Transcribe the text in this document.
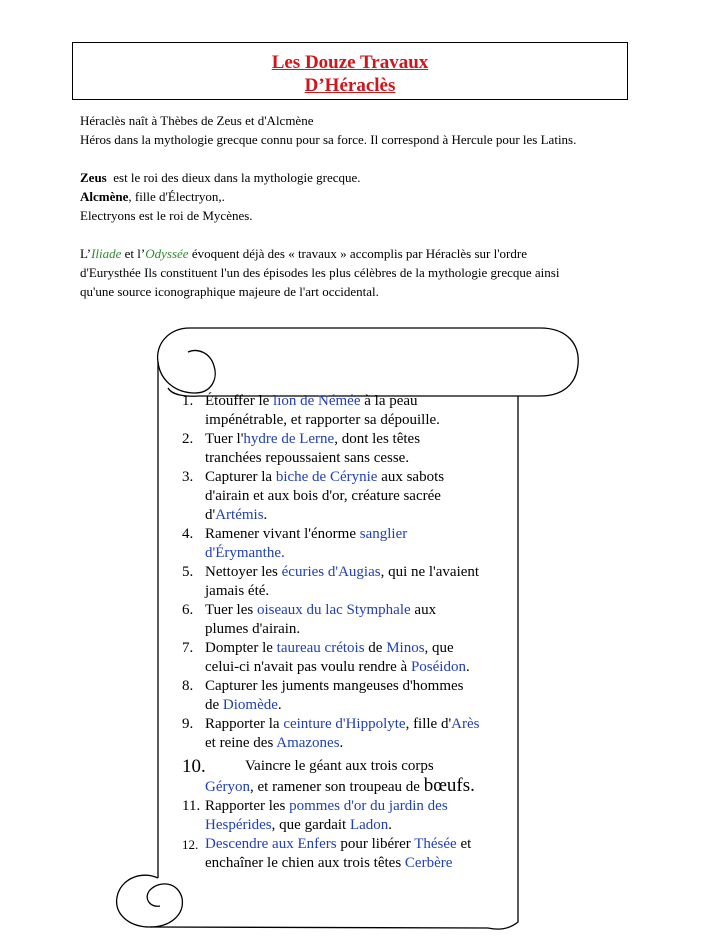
Les Douze Travaux
D’Héraclès

Héraclès naît à Thèbes de Zeus et d'Alcmène

Héros dans la mythologie grecque connu pour sa force. Il correspond à Hercule pour les Latins.

Zeus  est le roi des dieux dans la mythologie grecque.

Alcmène, fille d'Électryon,.

Electryons est le roi de Mycènes.

L’Iliade et l’Odyssée évoquent déjà des « travaux » accomplis par Héraclès sur l'ordre

d'Eurysthée Ils constituent l'un des épisodes les plus célèbres de la mythologie grecque ainsi

qu'une source iconographique majeure de l'art occidental.

1. Étouffer le lion de Némée à la peau
impénétrable, et rapporter sa dépouille.
2. Tuer l'hydre de Lerne, dont les têtes
tranchées repoussaient sans cesse.
3. Capturer la biche de Cérynie aux sabots
d'airain et aux bois d'or, créature sacrée
d'Artémis.
4. Ramener vivant l'énorme sanglier
d'Érymanthe.
5. Nettoyer les écuries d'Augias, qui ne l'avaient
jamais été.
6. Tuer les oiseaux du lac Stymphale aux
plumes d'airain.
7. Dompter le taureau crétois de Minos, que
celui-ci n'avait pas voulu rendre à Poséidon.
8. Capturer les juments mangeuses d'hommes
de Diomède.
9. Rapporter la ceinture d'Hippolyte, fille d'Arès
et reine des Amazones.
10.	Vaincre le géant aux trois corps
Géryon, et ramener son troupeau de bœufs.
11. Rapporter les pommes d'or du jardin des
Hespérides, que gardait Ladon.
12. Descendre aux Enfers pour libérer Thésée et
enchaîner le chien aux trois têtes Cerbère
